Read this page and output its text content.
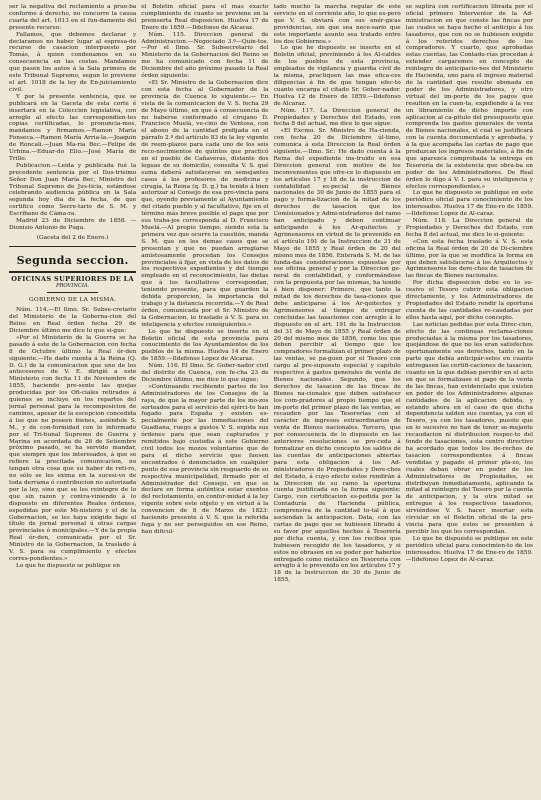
ser la negativa del reclamiento a prue-ba conforme á derecho, no concurre la causa cuarta del art. 1013 en el fun-damento del presente recurso:

Fallamos, que debemos declarar y declaramos no haber lugar al espresa-do recurso de casacion interpuesto por Tomás, á quien condenamos en su consecuencia en las costas. Mandamos que pasen los autos á la Sala primera de este Tribunal Supremo, segun lo previene el art. 1018 de la ley de En-juiciamiento civil.

Y por la presente sentencia, que se publicará en la Gaceta de esta corte é insertará en la Coleccion legislativa, con arreglo al efecto las correspondien-tes copias certificadas, lo pronuncia-mos, mandamos y firmamos.—Ramon María Fonseca.—Ramon María Arria-la.—Joaquin de Roncali.—Juan Ma-ria Bec.—Felipe de Urbina.—Eduar-do Elio.—José María de Trillo.

Publicacion.—Leida y publicada fué la precedente sentencia por el Ilus-trisimo Señor Don Juan María Bec, Ministro del Tribunal Supremo de Jus-ticia, estándose celebrando audiencia pública en la Sala segunda hoy dia de la fecha, de que certifico como Secre-tario de S. M. y Escribano de Cáma-ra.

Madrid 23 de Diciembre de 1858. —Dionisio Antonio de Puga.

(Gaceta del 2 de Enero.)

Segunda seccion.
OFICINAS SUPERIORES DE LA
PROVINCIA.
GOBIERNO DE LA MISMA.

Núm. 114.—El Ilmo. Sr. Subse-cretario del Ministerio de la Goberna-cion del Reino en Real órden fecha 29 de Diciembre último me dice lo que si-gue:

«Por el Ministerio de la Guerra se ha pasado á este de la Gobernacion con fecha 8 de Octubre último la Real ór-den siguiente.—He dado cuenta á la Reina (Q. D. G.) de la comunicacion que uno de los antecesores de V. E. dirigió a este Ministerio con fecha 11 de Noviembre de 1855, haciendo pre-sente las quejas producidas por los Ofi-ciales retirados á quienes se incluye en los repartos del jornal personal para la recomposicion de caminos, apesar de la escepcion concedida á los que no poseen bienes, asiéndole S. M., y de con-formidad con lo informado por el Tri-bunal Supremo de Guerra y Marina en acordada de 28 de Setiembre próximo pasado, se ha servido mandar, que siempre que los interesados, á que se refiere la precitada comunicacion, no tengan otra cosa que su haber de reti-ro, no sólo se les exima en la sucesi-vo de toda derrama ó contribucion no autorizada por la ley, sino que se les reintegre de lo que sin razon y contra-viniendo á lo dispuesto en diferentes Reales órdenes, espedidas por este Mi-nisterio y el de la Gobernacion, se les haya exigido bajo el título de jornal personal ú otras cargas provinciales ó municipales.—Y de la propia Real ór-den, comunicada por el Sr. Ministro de la Gobernacion, la traslado á V. S. para su cumplimiento y efectos corres-pondientes.»

Lo que he dispuesto se publique en

el Boletin oficial para el mas exacto cumplimiento de cuanto se previene en la preinserta Real disposicion. Huelva 17 de Enero de 1859.—Ildefonso de Alcaraz.

Núm. 115. Direccion general de Administracion.—Negociado 3.º—Quin-tos.—Por el Ilmo. Sr. Subsecretario del Ministerio de la Gobernacion del Reino se me ha comunicado con fecha 11 de Diciembre del año próximo pasado la Real órden siguiente:

«El Sr. Ministro de la Gobernacion dice con esta fecha al Gobernador de la provincia de Cuenca lo siguiente.— En vista de la comunicacion de V. S. fecha 29 de Mayo último, en que á consecuencia de no haberse conformado el cirujano D. Francisco Muelá, ve-cino de Ventosa, con el abono de la cantidad prefijada en el párrafo 2.º del artículo 83 de la ley vigente de reem-plazos para cada uno de los seis reco-nocimientos de quintos que practicó en el pueblo de Cañaveras, distante dos leguas de su domicilio, consulta V. S. qué suma deberá satisfacerse en semejantes casos á los profesores de medicina y cirugía, la Reina (q. D. g.) ha tenido á bien autorizar al Consejo de esa pro-vincia para que, oyendo previamente al Ayuntamiento del citado pueblo y al facultativo, fije en el término más breve posible el pago que por sus traba-jos corresponda al D. Francisco Muelá.—Al propio tiempo, siendo esta la primera vez que ocurre la cuestión, manda S. M. que en los demas casos que se presentan y que no puedan arreglarse amistosamente procedan los Consejos provinciales á fijar, en vista de los datos de los respectivos expedientes y del tiempo empleado en el reconocimiento, las dietas que á los facultativos correspondan, teniendo presente, para que guarden la debida proporcion, la importancia del trabajo y la distancia recorrida.—Y de Real órden, comunicada por el Sr. Ministro de la Gobernacion, lo traslado á V. S. para su inteligencia y efectos consiguientes.»

Lo que he dispuesto se inserte en el Boletin oficial de esta provincia para conocimiento de los Ayuntamientos de los pueblos de la misma. Huelva 14 de Enero de 1859.—Ildefonso Lopez de Alcaraz.

Núm. 116. El Ilmo. Sr. Gober-nador civil del distrito de Cuenca, con fe-cha 23 de Diciembre último, me dice lo que sigue:

«Continuando recibiendo partes de los Administradores de los Consejos de la raya, de que la mayor parte de los mo-zos sorteados para el servicio del ejérci-to han fugado para España y existen es-pecialmente por las inmediaciones del Guadiana, ruego a gustos V. S. expida sus órdenes para que sean capturados y remitidos bajo custodia á este Gobierno civil todos los mozos voluntarios que de para el dicho servicio que fuesen encontrados ó denunciados en cualquier punto de esa provincia sin resguardo de su respectiva municipalidad, firmado por el Administrador del Consejo, en que se declare en forma auténtica estar exentos del reclutamiento, en confor-midad á la ley vigente sobre este objeto y en virtud á la convencion de 8 de Marzo de 1823: haciendo presente á V. S. que la referida fuga y no ser perseguidos en ese Reino, han dificul-

tado mucho la marcha regular de este servicio en el corriente año, lo que es-pero que V. S. obviará con sus enér-gicas providencias, sin que sea nece-sario que este importante asunto sea tratado entre los dos Gobiernos.»

Lo que he dispuesto se inserte en el Boletin oficial, previniendo á los Al-caldes de los pueblos de esta provincia, empleados de vigilancia y guardia civil de la misma, practiquen las mas efica-ces diligencias á fin de que tengan efec-to cuanto encarga el citado Sr. Gober-nador. Huelva 12 de Enero de 1859.—Ildefonso de Alcaraz.

Núm. 117. La Direccion general de Propiedades y Derechos del Estado, con fecha 8 del actual, me dice lo que sigue:

«El Excmo. Sr. Ministro de Ha-cienda, con fecha 20 de Diciembre úl-timo, comunica á esta Direccion la Real órden siguiente.—Ilmo. Sr.: He dado cuenta á la Reina del expediente ins-truido en esa Direccion general con motivo de los inconvenientes que ofre-ce lo dispuesto en los artículos 17 y 18 de la instruccion de contabilidad es-pecial de Bienes nacionales de 30 de Junio de 1855 para el pago y forma-lizacion de la mitad de los derechos de tasacion que los Comisionados y Admi-nistradores del ramo han anticipado y deben continuar anticipando á los Ar-quitectos y Agrimensores en virtud de lo prevenido en el artículo 191 de la Instruccion de 31 de Mayo de 1855 y Real órden de 20 del mismo mes de 1856. Enterada S. M. de las funda-das consideraciones espuestas por ese oficina general y por la Direccion ge-neral de contabilidad, y conformándose con la propuesta por las mismas, ha tenido á bien disponer: Primero, que tanto la mitad de los derechos de tasa-ciones que debe anticiparse á los Ar-quitectos y Agrimensores al tiempo de entregar concluidas las tasaciones con arreglo á lo dispuesto en el art. 191 de la Instruccion del 31 de Mayo de 1855 y Real órden de 20 del mismo mes de 1856, como los que deben percibir al tiempo que los compradores formalizan el primer plazo de las ventas, se pa-guen por el Tesoro con cargo al pre-supuesto especial y capítulo respectivo á gastos generales de venta de Bienes nacionales. Segundo, que los derechos de tasacion de las fincas de Bienes na-cionales que deben satisfacer los com-pradores al propio tiempo que el im-porte del primer plazo de las ventas, se recauden por las Tesorerías con el carácter de ingresos extraordinarios de venta de Bienes nacionales. Tercero, que por consecuencia de lo dispuesto en las anteriores resoluciones se pro-ceda á formalizar en dicho concepto los saldos de las cuentas de anticipaciones abiertas para esta obligacion á los Ad-ministradores de Propiedades y Dere-chos del Estado, á cuyo efecto estos rendirán á la Direccion de su ramo la oportuna cuenta justificada en la forma siguiente: Cargo, con certificacion es-pedida por la Contaduría de Hacienda pública, comprensiva de la cantidad to-tal á que asciendan la anticipacion. Data, con las cartas de pago que se hubiesen librado á su favor por aquellos hechos á Tesorería por dicha cuenta, y con los recibos que hubiesen recogido de los tasadores, y si estos no obrasen en su poder por haberlos entregado como metálico en Tesorería con arreglo á lo prevenido en los artículos 17 y 18 de la Instruccion de 30 de Junio de 1855,

se suplirá con certificacion librada por el oficial primero Interventor de la Ad-ministracion en que conste las fincas por las cuales se haya hecho el anticipo á los tasadores, que con no se hubiesen exigido á los referidos derechos de los compradores. Y cuarto, que aprobadas estas cuentas, las Contadu-rías procedan á extender cargaremes en concepto de reintegro de anticipacio-nes del Ministerio de Hacienda, uno para el ingreso material de la cantidad que resulte abonada en poder de los Administradores, y otro virtual del im-porte de los pagos que resulten en la cuen-ta, expidiendo á la vez un libramiento de dicho importe con aplicacion al ca-pítulo del presupuesto que comprenda los gastos generales de venta de Bienes nacionales, el cual se justificará con la cuenta documentada y aprobada, y á la que acompaña las cartas de pago que produzcan los ingresos materiales, á fin de que aparezca comprobada la entrega en Tesorería de la existencia que obra-ba en poder de los Administradores. De Real órden lo digo á V. I. para su inteligencia y efectos correspondientes.»

Lo que he dispuesto se publique en este periódico oficial para conocimiento de los interesados. Huelva 17 de Ene-ro de 1859.—Ildefonso Lopez de Al-caraz.

Núm. 118. La Direccion general de Propiedades y Derechos del Estado, con fecha 8 del actual, me dice lo si-guiente:

«Con esta fecha traslado á V. S. esta oficina la Real órden de 20 de Di-ciembre último, por la que se modifica la forma en que deben satisfacerse á los Arquitectos y Agrimensores los dere-chos de tasacion de las fincas de Bienes nacionales.

Por dicha disposicion debe en lo su-cesivo el Tesoro cubrir esta obligacion directamente, y los Administradores de Propiedades del Estado rendir la oportuna cuenta de las cantidades re-caudadas por ellos hasta aquí, por dicho concepto.

Las noticias pedidas por esta Direc-cion, efecto de las continuas reclama-ciones produciadas á la misma por los tasadores, quejándose de que no les eran satisfechos oportunamente sus derechos, tanto en la parte que debía anticipár-seles en cuanto entregasen las certifi-caciones de tasacion, cuanto en la que debían percibir en el acto en que se formalizase el pago de la venta de las fincas, han evidenciado que existen en poder de los Administradores algunas cantidades de la aplicacion debida, y estando ahora en el caso de que dicha dependencia salden sus cuentas, ya con el Tesoro, ya con los tasadores, puesto que en lo sucesivo no han de tener se-mejante recaudacion ni distribucion respec-to del fondo de tasaciones, esta centro directivo ha acordado que todos los de-rechos de tasacion correspondientes á fincas vendidas y pagado el primer pla-zo, los cuales deban obrar en poder de los Administradores de Propiedades, se distribuyan inmediatamente, aplicando la mitad al reintegro del Tesoro por la cuenta de anticipacion, y la otra mitad se entregue á los respectivos tasadores, sirviéndose V. S. hacer insertar esta circular en el Boletin oficial de la pro-vincia para que estos se presenten á percibir los que les correspondan.

Lo que he dispuesto se publique en este periódico oficial para conocimien-to de los interesados. Huelva 17 de Ene-ro de 1859.—Ildefonso Lopez de Al-caraz.
